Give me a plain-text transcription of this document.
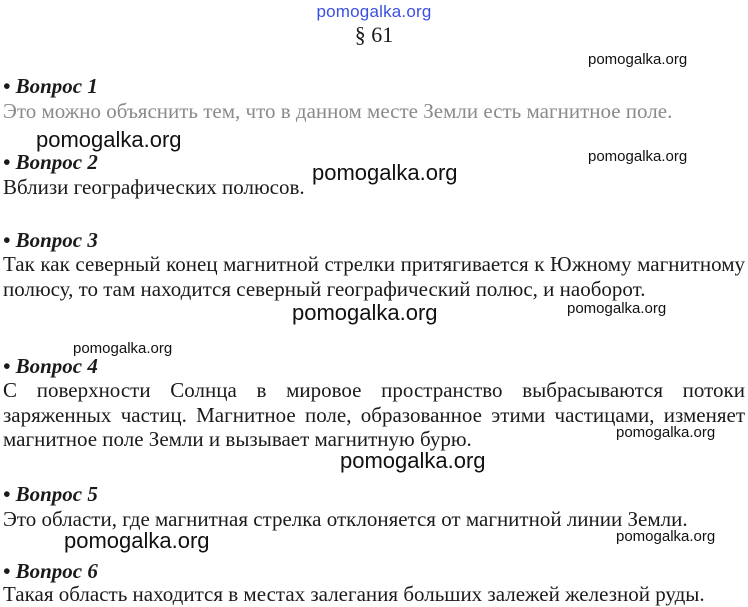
pomogalka.org
§ 61
• Вопрос 1
Это можно объяснить тем, что в данном месте Земли есть магнитное поле.
• Вопрос 2
Вблизи географических полюсов.
• Вопрос 3
Так как северный конец магнитной стрелки притягивается к Южному магнитному полюсу, то там находится северный географический полюс, и наоборот.
• Вопрос 4
С поверхности Солнца в мировое пространство выбрасываются потоки заряженных частиц. Магнитное поле, образованное этими частицами, изменяет магнитное поле Земли и вызывает магнитную бурю.
• Вопрос 5
Это области, где магнитная стрелка отклоняется от магнитной линии Земли.
• Вопрос 6
Такая область находится в местах залегания больших залежей железной руды.
pomogalka.org
pomogalka.org
pomogalka.org
pomogalka.org
pomogalka.org	pomogalka.org
pomogalka.org
pomogalka.org
pomogalka.org
pomogalka.org	pomogalka.org
